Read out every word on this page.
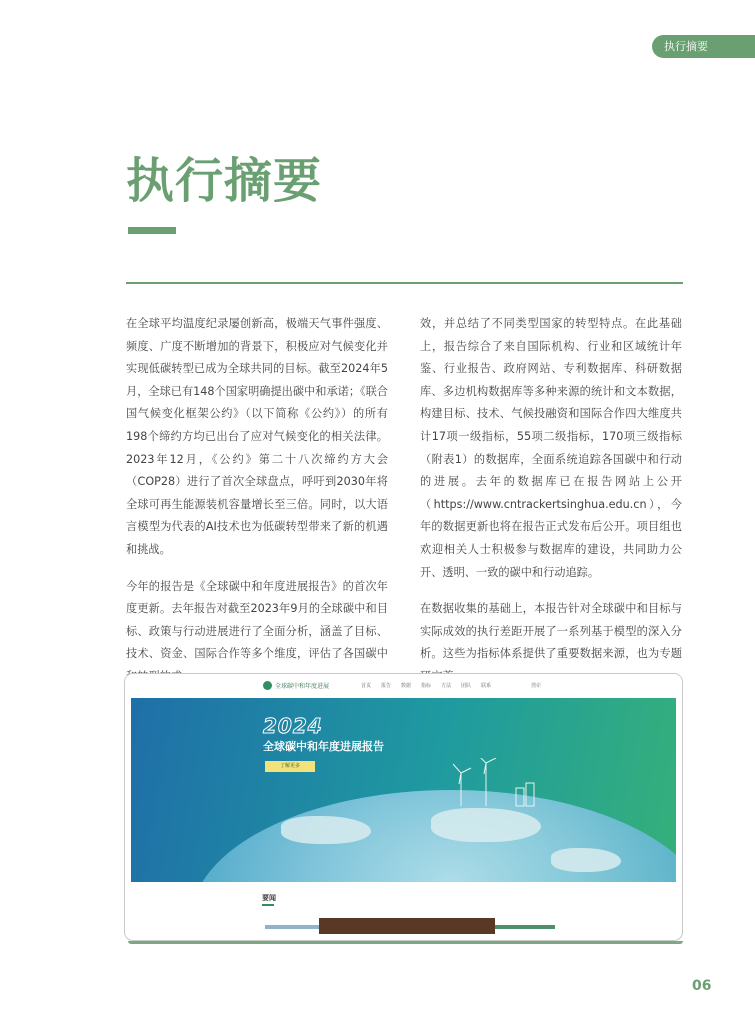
执行摘要
执行摘要

在全球平均温度纪录屡创新高，极端天气事件强度、频度、广度不断增加的背景下，积极应对气候变化并实现低碳转型已成为全球共同的目标。截至2024年5月，全球已有148个国家明确提出碳中和承诺；《联合国气候变化框架公约》（以下简称《公约》）的所有198个缔约方均已出台了应对气候变化的相关法律。2023年12月，《公约》第二十八次缔约方大会（COP28）进行了首次全球盘点，呼吁到2030年将全球可再生能源装机容量增长至三倍。同时，以大语言模型为代表的AI技术也为低碳转型带来了新的机遇和挑战。

今年的报告是《全球碳中和年度进展报告》的首次年度更新。去年报告对截至2023年9月的全球碳中和目标、政策与行动进展进行了全面分析，涵盖了目标、技术、资金、国际合作等多个维度，评估了各国碳中

效，并总结了不同类型国家的转型特点。在此基础上，报告综合了来自国际机构、行业和区域统计年鉴、行业报告、政府网站、专利数据库、科研数据库、多边机构数据库等多种来源的统计和文本数据，构建目标、技术、气候投融资和国际合作四大维度共计17项一级指标，55项二级指标，170项三级指标（附表1）的数据库，全面系统追踪各国碳中和行动的进展。去年的数据库已在报告网站上公开（https://www.cntrackertsinghua.edu.cn），今年的数据更新也将在报告正式发布后公开。项目组也欢迎相关人士积极参与数据库的建设，共同助力公开、透明、一致的碳中和行动追踪。

在数据收集的基础上，本报告针对全球碳中和目标与实际成效的执行差距开展了一系列基于模型的深入分析。这些为指标体系提供了重要数据来源，也为专题

全球碳中和年度进展	首页 报告 数据 指标 方法 团队 联系	搜索
2024
全球碳中和年度进展报告
了解更多
要闻
06
